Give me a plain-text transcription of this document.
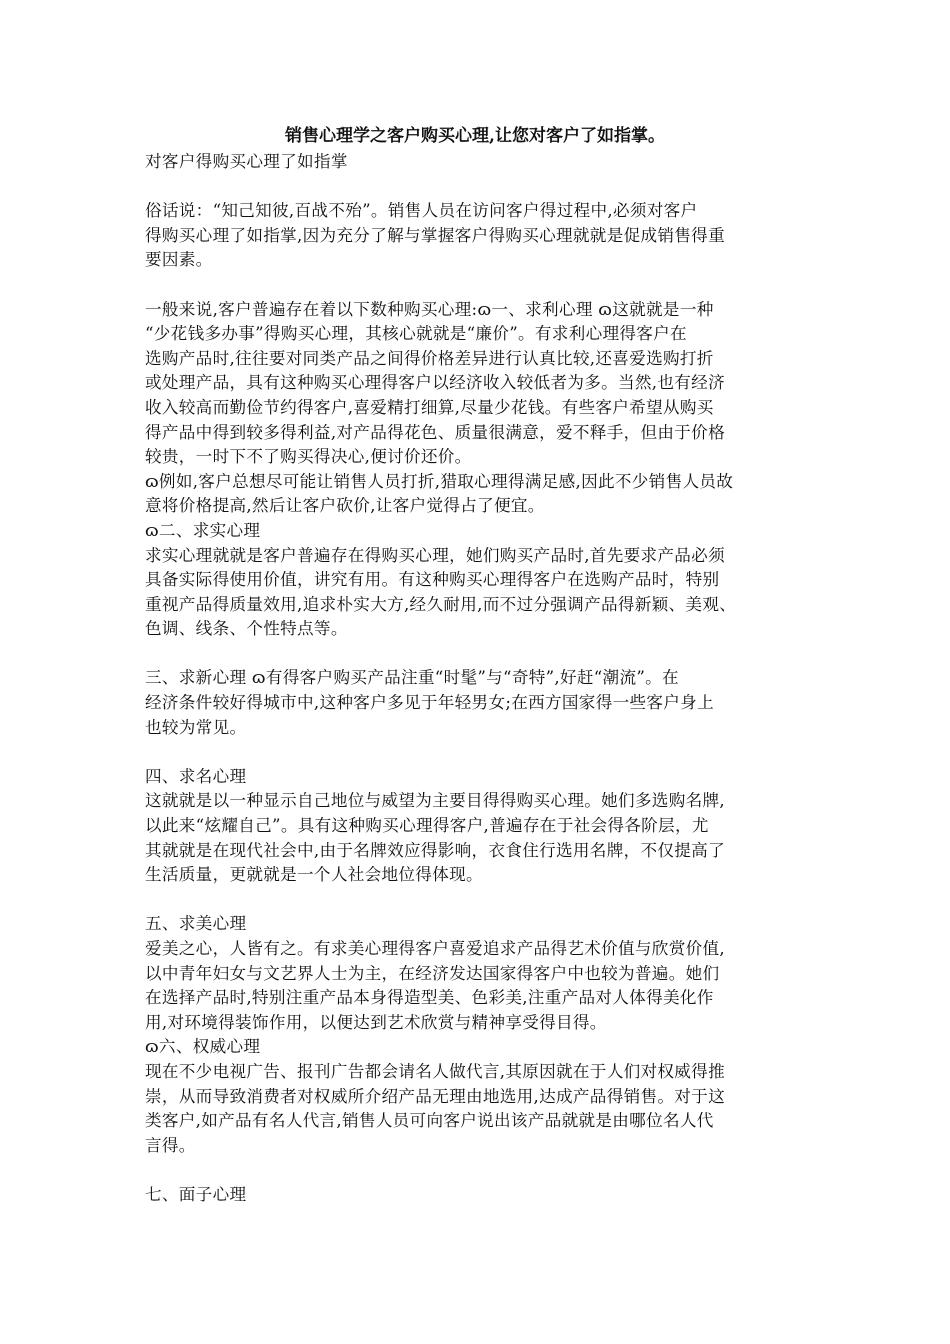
销售心理学之客户购买心理,让您对客户了如指掌。
对客户得购买心理了如指掌
俗话说：“知己知彼,百战不殆”。销售人员在访问客户得过程中,必须对客户
得购买心理了如指掌,因为充分了解与掌握客户得购买心理就就是促成销售得重
要因素。
一般来说,客户普遍存在着以下数种购买心理:ɷ一、求利心理 ɷ这就就是一种
“少花钱多办事”得购买心理，其核心就就是“廉价”。有求利心理得客户在
选购产品时,往往要对同类产品之间得价格差异进行认真比较,还喜爱选购打折
或处理产品，具有这种购买心理得客户以经济收入较低者为多。当然,也有经济
收入较高而勤俭节约得客户,喜爱精打细算,尽量少花钱。有些客户希望从购买
得产品中得到较多得利益,对产品得花色、质量很满意，爱不释手，但由于价格
较贵，一时下不了购买得决心,便讨价还价。
ɷ例如,客户总想尽可能让销售人员打折,猎取心理得满足感,因此不少销售人员故
意将价格提高,然后让客户砍价,让客户觉得占了便宜。
ɷ二、求实心理
求实心理就就是客户普遍存在得购买心理，她们购买产品时,首先要求产品必须
具备实际得使用价值，讲究有用。有这种购买心理得客户在选购产品时，特别
重视产品得质量效用,追求朴实大方,经久耐用,而不过分强调产品得新颖、美观、
色调、线条、个性特点等。
三、求新心理 ɷ有得客户购买产品注重“时髦”与“奇特”,好赶“潮流”。在
经济条件较好得城市中,这种客户多见于年轻男女;在西方国家得一些客户身上
也较为常见。
四、求名心理
这就就是以一种显示自己地位与威望为主要目得得购买心理。她们多选购名牌,
以此来“炫耀自己”。具有这种购买心理得客户,普遍存在于社会得各阶层，尤
其就就是在现代社会中,由于名牌效应得影响，衣食住行选用名牌，不仅提高了
生活质量，更就就是一个人社会地位得体现。
五、求美心理
爱美之心，人皆有之。有求美心理得客户喜爱追求产品得艺术价值与欣赏价值,
以中青年妇女与文艺界人士为主，在经济发达国家得客户中也较为普遍。她们
在选择产品时,特别注重产品本身得造型美、色彩美,注重产品对人体得美化作
用,对环境得装饰作用，以便达到艺术欣赏与精神享受得目得。
ɷ六、权威心理
现在不少电视广告、报刊广告都会请名人做代言,其原因就在于人们对权威得推
崇，从而导致消费者对权威所介绍产品无理由地选用,达成产品得销售。对于这
类客户,如产品有名人代言,销售人员可向客户说出该产品就就是由哪位名人代
言得。
七、面子心理
